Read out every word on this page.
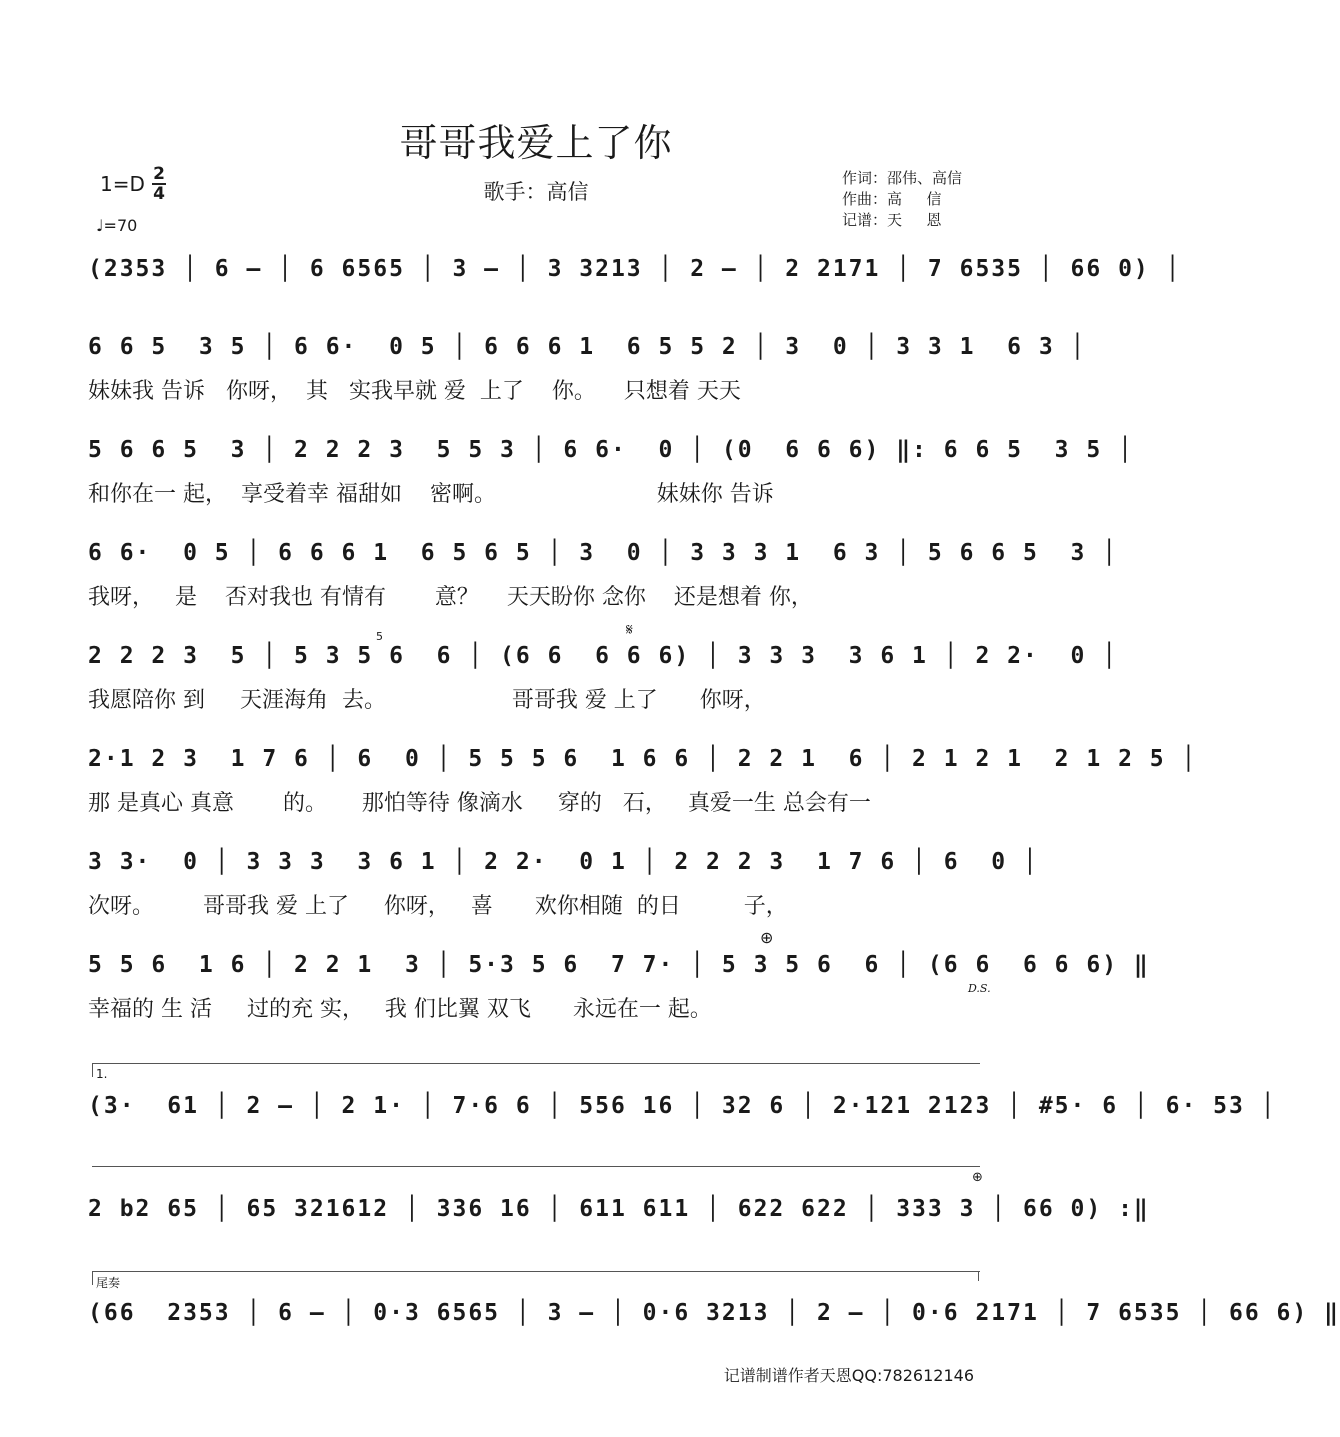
哥哥我爱上了你
歌手：高信
1=D 2
4
♩=70
作词：邵伟、高信
作曲：高　  信
记谱：天　  恩
(2353 │ 6 – │ 6 6565 │ 3 – │ 3 3213 │ 2 – │ 2 2171 │ 7 6535 │ 66 0) │
6 6 5  3 5 │ 6 6·  0 5 │ 6 6 6 1  6 5 5 2 │ 3  0 │ 3 3 1  6 3 │
妹妹我 告诉   你呀，  其   实我早就 爱  上了    你。    只想着 天天
5 6 6 5  3 │ 2 2 2 3  5 5 3 │ 6 6·  0 │ (0  6 6 6) ‖: 6 6 5  3 5 │
和你在一 起，  享受着幸 福甜如    密啊。                       妹妹你 告诉
6 6·  0 5 │ 6 6 6 1  6 5 6 5 │ 3  0 │ 3 3 3 1  6 3 │ 5 6 6 5  3 │
我呀，   是    否对我也 有情有       意？    天天盼你 念你    还是想着 你，
𝄋
5
2 2 2 3  5 │ 5 3 5 6  6 │ (6 6  6 6 6) │ 3 3 3  3 6 1 │ 2 2·  0 │
我愿陪你 到     天涯海角  去。                  哥哥我 爱 上了      你呀，
2·1 2 3  1 7 6 │ 6  0 │ 5 5 5 6  1 6 6 │ 2 2 1  6 │ 2 1 2 1  2 1 2 5 │
那 是真心 真意       的。     那怕等待 像滴水     穿的   石，   真爱一生 总会有一
3 3·  0 │ 3 3 3  3 6 1 │ 2 2·  0 1 │ 2 2 2 3  1 7 6 │ 6  0 │
次呀。       哥哥我 爱 上了     你呀，   喜      欢你相随  的日         子，
⊕
5 5 6  1 6 │ 2 2 1  3 │ 5·3 5 6  7 7· │ 5 3 5 6  6 │ (6 6  6 6 6) ‖
幸福的 生 活     过的充 实，   我 们比翼 双飞      永远在一 起。
D.S.
1.
(3·  61 │ 2 – │ 2 1· │ 7·6 6 │ 556 16 │ 32 6 │ 2·121 2123 │ #5· 6 │ 6· 53 │
⊕
2 b2 65 │ 65 321612 │ 336 16 │ 611 611 │ 622 622 │ 333 3 │ 66 0) :‖
尾奏
(66  2353 │ 6 – │ 0·3 6565 │ 3 – │ 0·6 3213 │ 2 – │ 0·6 2171 │ 7 6535 │ 66 6) ‖
记谱制谱作者天恩QQ:782612146
